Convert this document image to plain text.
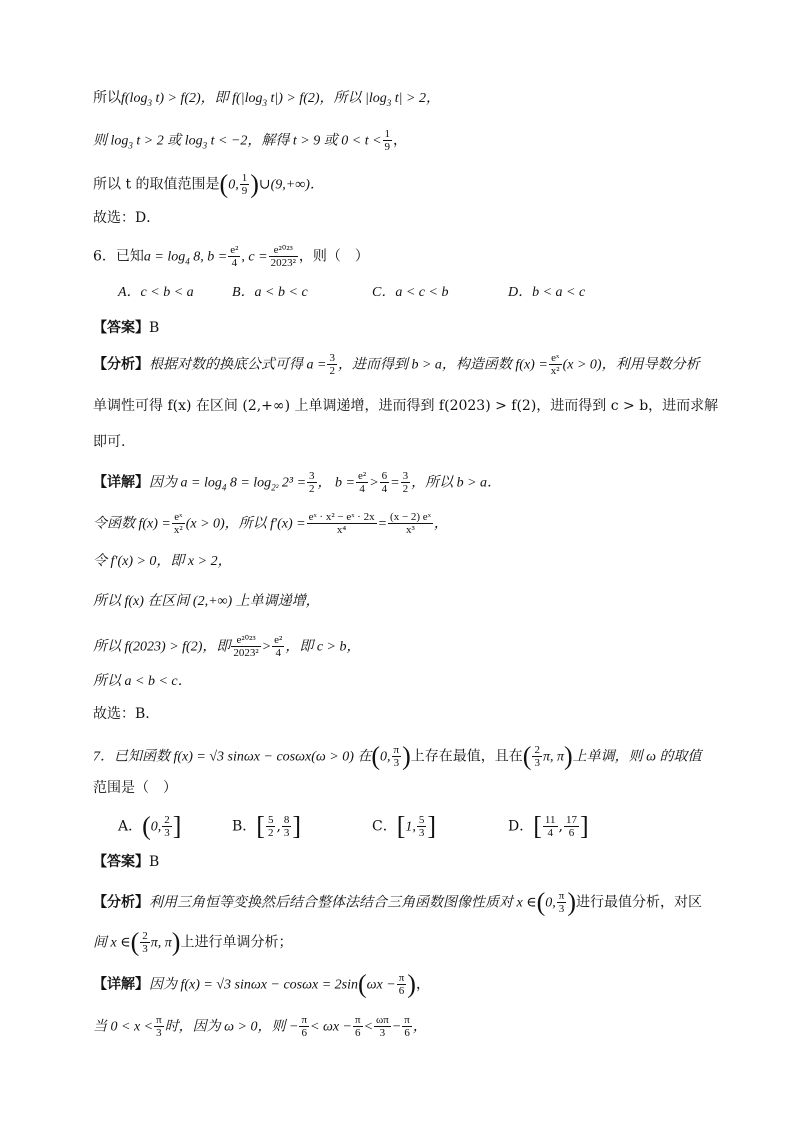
所以$f(\log_3$ t) > f(2)，即 $f(|\log_3$ t|) > f(2)，所以 $|\log_3$ t| > 2，
则 $\log_3 t > 2$ 或 $\log_3 t < -2$，解得 t > 9 或 $0 < t < \frac{1}{9}$ ，
所以 t 的取值范围是(0, $\frac{1}{9}$ )∪(9,+∞)．
故选：D．
6．已知$a = \log_4 8$, $b = \frac{\text{e²}}{4}$ , $c = \frac{\text{e²⁰²³}}{\text{2023²}}$ ，则（　）
A．c < b < a	B．a < b < c	C．a < c < b	D．b < a < c
【答案】B
【分析】根据对数的换底公式可得 $a = \frac{3}{2}$ ，进而得到 b > a，构造函数 $f(x) = \frac{\text{eˣ}}{\text{x²}} (x > 0)$，利用导数分析
单调性可得 f(x) 在区间 (2,+∞) 上单调递增，进而得到 f(2023) > f(2)，进而得到 c > b，进而求解
即可.
【详解】因为 $a = \log_4 8 = \log_{2^2} 2^3 = \frac{3}{2}$ ， $b = \frac{\text{e²}}{4} > \frac{6}{4} = \frac{3}{2}$ ，所以 b > a．
令函数 $f(x) = \frac{\text{eˣ}}{\text{x²}} (x > 0)$，所以 $f'(x) = \frac{\text{eˣ · x² − eˣ · 2x}}{\text{x⁴}} = \frac{\text{(x − 2) eˣ}}{\text{x³}}$ ，
令 f′(x) > 0，即 x > 2，
所以 f(x) 在区间 (2,+∞) 上单调递增，
所以 f(2023) > f(2)，即 $\frac{\text{e²⁰²³}}{\text{2023²}} > \frac{\text{e²}}{4}$ ，即 c > b，
所以 a < b < c．
故选：B.
7．已知函数 f(x) = √3 sinωx − cosωx(ω > 0) 在(0, $\frac{\pi}{3}$ )上存在最值，且在( $\frac{2}{3} \pi$, π)上单调，则 ω 的取值
范围是（　）
A．(0, $\frac{2}{3}$ ]	B．[ $\frac{5}{2}$ , $\frac{8}{3}$ ]	C．[1, $\frac{5}{3}$ ]	D．[ $\frac{11}{4}$ , $\frac{17}{6}$ ]
【答案】B
【分析】利用三角恒等变换然后结合整体法结合三角函数图像性质对 x ∈(0, $\frac{\pi}{3}$ )进行最值分析，对区
间 x ∈( $\frac{2}{3} \pi$, π)上进行单调分析；
【详解】因为 f(x) = √3 $\sin\omega x - \cos\omega x = 2\sin(\omega x - \frac{\pi}{6}$ )，
当 $0 < x < \frac{\pi}{3}$ 时，因为 ω > 0，则 − $\frac{\pi}{6} < \omega x - \frac{\pi}{6} < \frac{\omega\pi}{3} - \frac{\pi}{6}$ ，
